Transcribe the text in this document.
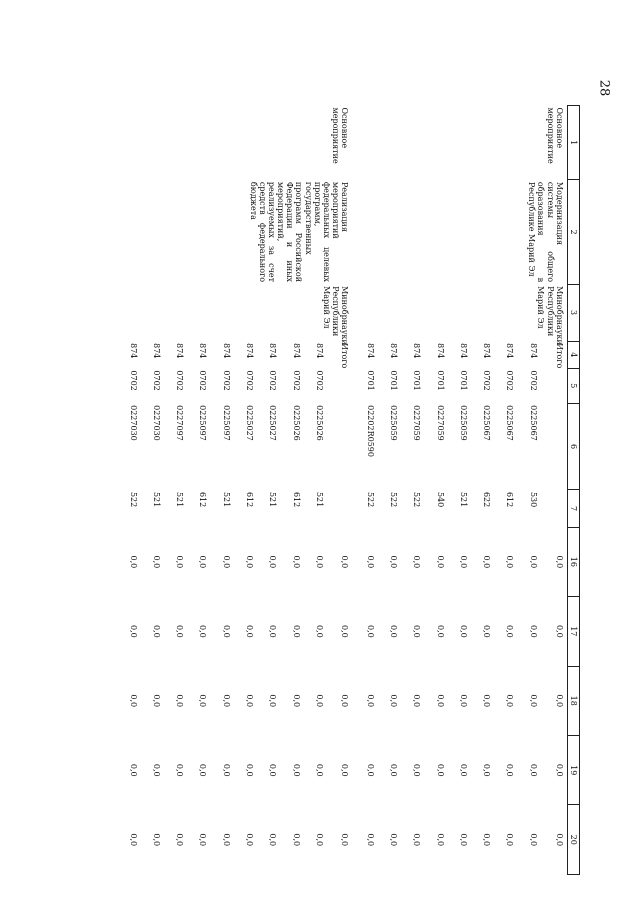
28
1	2	3	4	5	6	7	16	17	18	19	20
Основное мероприятие	Модернизация системы общего образования в Республике Марий Эл	Минобрнауки Республики Марий Эл	Итого				0,0	0,0	0,0	0,0	0,0
			874	0702	0225067	530	0,0	0,0	0,0	0,0	0,0
			874	0702	0225067	612	0,0	0,0	0,0	0,0	0,0
			874	0702	0225067	622	0,0	0,0	0,0	0,0	0,0
			874	0701	0225059	521	0,0	0,0	0,0	0,0	0,0
			874	0701	0227059	540	0,0	0,0	0,0	0,0	0,0
			874	0701	0227059	522	0,0	0,0	0,0	0,0	0,0
			874	0701	0225059	522	0,0	0,0	0,0	0,0	0,0
			874	0701	02202R0590	522	0,0	0,0	0,0	0,0	0,0
Основное мероприятие	Реализация мероприятий федеральных целевых программ, государственных программ Российской Федерации и иных мероприятий, реализуемых за счет средств федерального бюджета	Минобрнауки Республики Марий Эл	Итого				0,0	0,0	0,0	0,0	0,0
			874	0702	0225026	521	0,0	0,0	0,0	0,0	0,0
			874	0702	0225026	612	0,0	0,0	0,0	0,0	0,0
			874	0702	0225027	521	0,0	0,0	0,0	0,0	0,0
			874	0702	0225027	612	0,0	0,0	0,0	0,0	0,0
			874	0702	0225097	521	0,0	0,0	0,0	0,0	0,0
			874	0702	0225097	612	0,0	0,0	0,0	0,0	0,0
			874	0702	0227097	521	0,0	0,0	0,0	0,0	0,0
			874	0702	0227030	521	0,0	0,0	0,0	0,0	0,0
			874	0702	0227030	522	0,0	0,0	0,0	0,0	0,0
